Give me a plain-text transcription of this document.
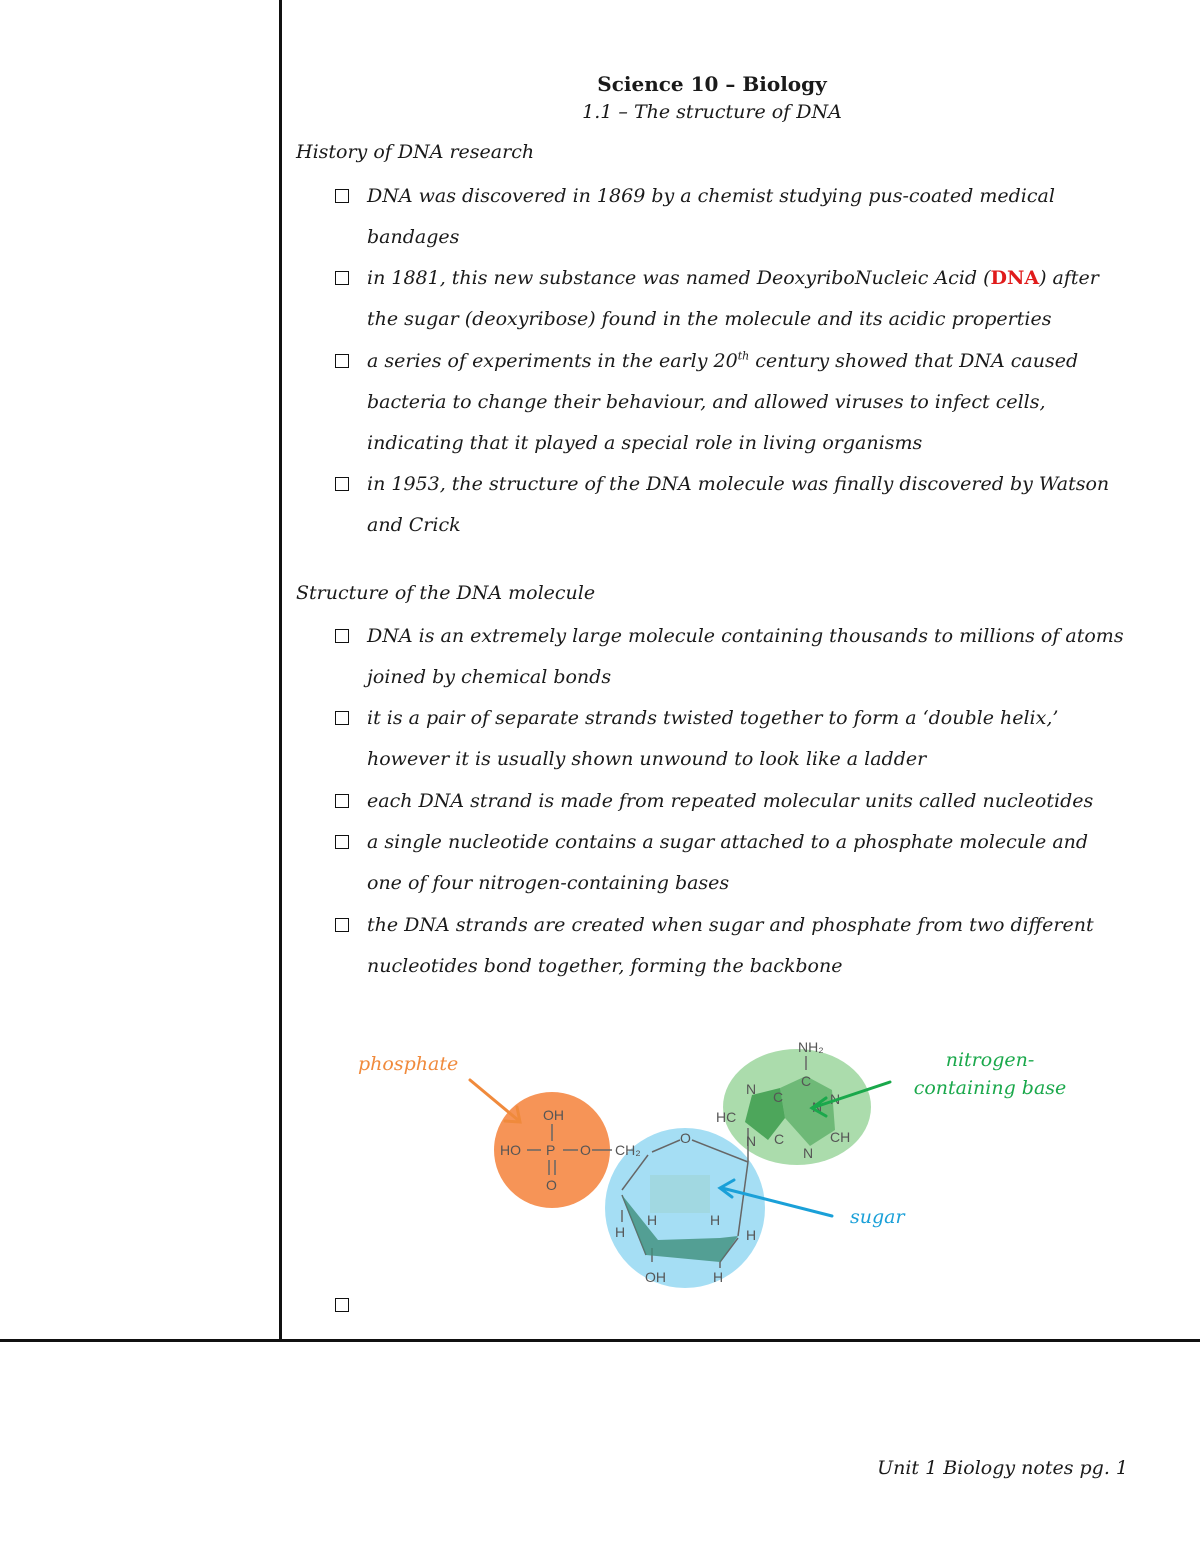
Science 10 – Biology
1.1 – The structure of DNA
History of DNA research
DNA was discovered in 1869 by a chemist studying pus-coated medical
bandages
in 1881, this new substance was named DeoxyriboNucleic Acid (DNA) after
the sugar (deoxyribose) found in the molecule and its acidic properties
a series of experiments in the early 20th century showed that DNA caused
bacteria to change their behaviour, and allowed viruses to infect cells,
indicating that it played a special role in living organisms
in 1953, the structure of the DNA molecule was finally discovered by Watson
and Crick
Structure of the DNA molecule
DNA is an extremely large molecule containing thousands to millions of atoms
joined by chemical bonds
it is a pair of separate strands twisted together to form a ‘double helix,’
however it is usually shown unwound to look like a ladder
each DNA strand is made from repeated molecular units called nucleotides
a single nucleotide contains a sugar attached to a phosphate molecule and
one of four nitrogen-containing bases
the DNA strands are created when sugar and phosphate from two different
nucleotides bond together, forming the backbone
OH
HO P O
O
CH₂
O
H
H	H
H
OH	H
NH₂
N C
C
N
HC
N C	CH
N
N
phosphate	nitrogen-
containing base
sugar
Unit 1 Biology notes pg. 1
